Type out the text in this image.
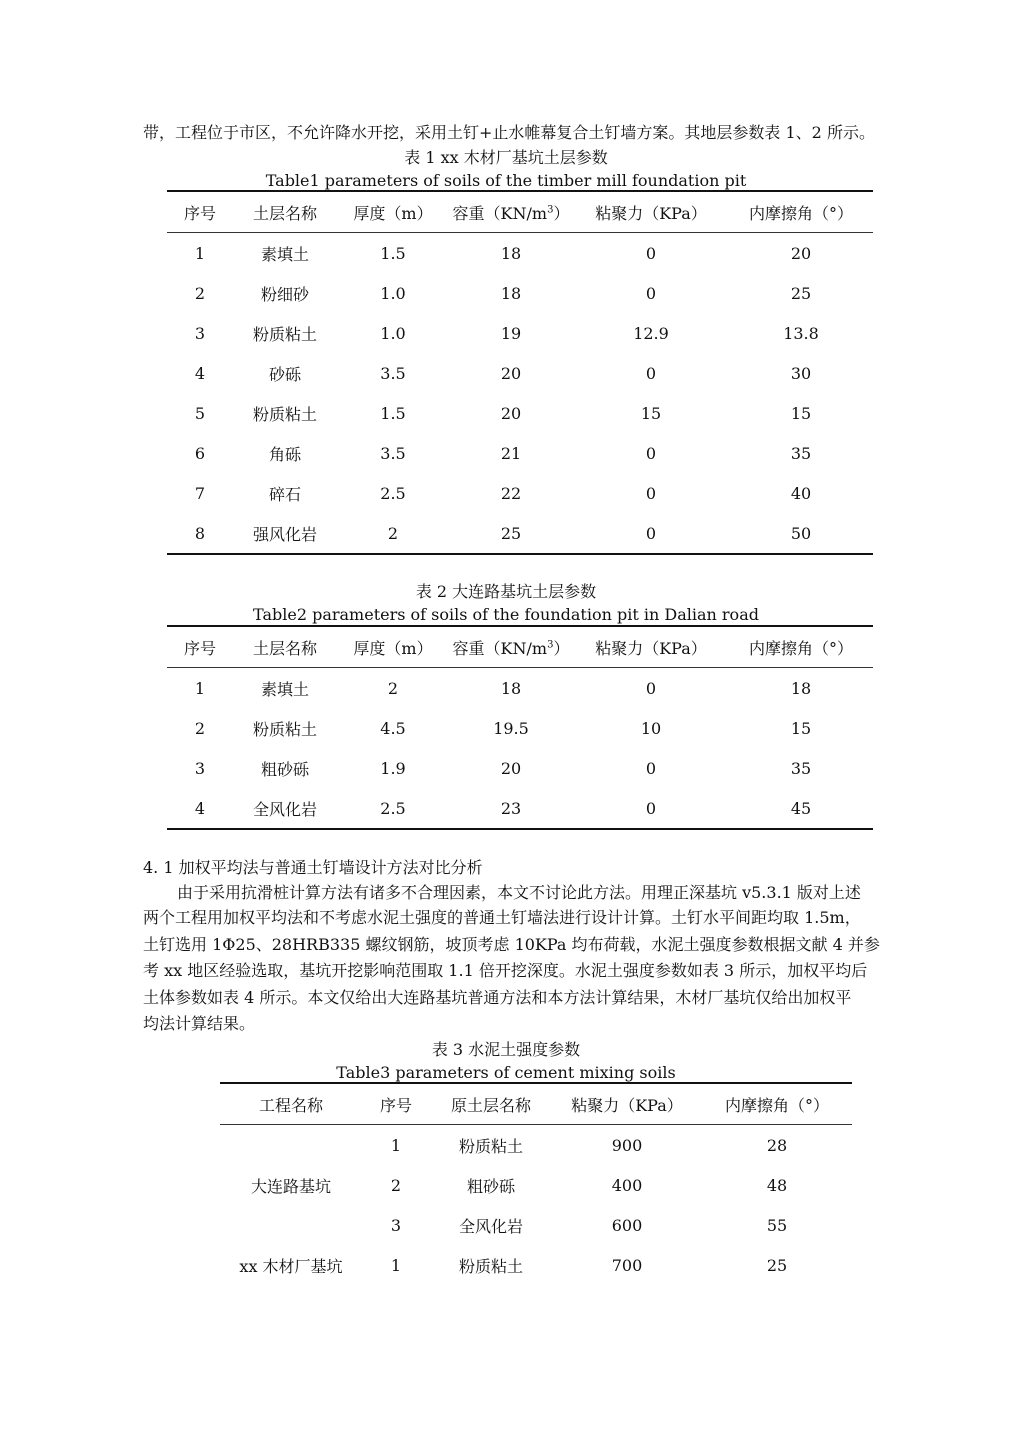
带，工程位于市区，不允许降水开挖，采用土钉+止水帷幕复合土钉墙方案。其地层参数表 1、2 所示。
表 1 xx 木材厂基坑土层参数
Table1 parameters of soils of the timber mill foundation pit
序号	土层名称	厚度（m）	容重$(KN/m^3)$	粘聚力（KPa）	内摩擦角（°）
1	素填土	1.5	18	0	20
2	粉细砂	1.0	18	0	25
3	粉质粘土	1.0	19	12.9	13.8
4	砂砾	3.5	20	0	30
5	粉质粘土	1.5	20	15	15
6	角砾	3.5	21	0	35
7	碎石	2.5	22	0	40
8	强风化岩	2	25	0	50
表 2 大连路基坑土层参数
Table2 parameters of soils of the foundation pit in Dalian road
序号	土层名称	厚度（m）	容重$(KN/m^3)$	粘聚力（KPa）	内摩擦角（°）
1	素填土	2	18	0	18
2	粉质粘土	4.5	19.5	10	15
3	粗砂砾	1.9	20	0	35
4	全风化岩	2.5	23	0	45
4. 1 加权平均法与普通土钉墙设计方法对比分析
由于采用抗滑桩计算方法有诸多不合理因素，本文不讨论此方法。用理正深基坑 v5.3.1 版对上述
两个工程用加权平均法和不考虑水泥土强度的普通土钉墙法进行设计计算。土钉水平间距均取 1.5m，
土钉选用 1Φ25、28HRB335 螺纹钢筋，坡顶考虑 10KPa 均布荷载，水泥土强度参数根据文献 4 并参
考 xx 地区经验选取，基坑开挖影响范围取 1.1 倍开挖深度。水泥土强度参数如表 3 所示，加权平均后
土体参数如表 4 所示。本文仅给出大连路基坑普通方法和本方法计算结果，木材厂基坑仅给出加权平
均法计算结果。
表 3 水泥土强度参数
Table3 parameters of cement mixing soils
工程名称	序号	原土层名称	粘聚力（KPa）	内摩擦角（°）
大连路基坑	1	粉质粘土	900	28
	2	粗砂砾	400	48
	3	全风化岩	600	55
xx 木材厂基坑	1	粉质粘土	700	25
